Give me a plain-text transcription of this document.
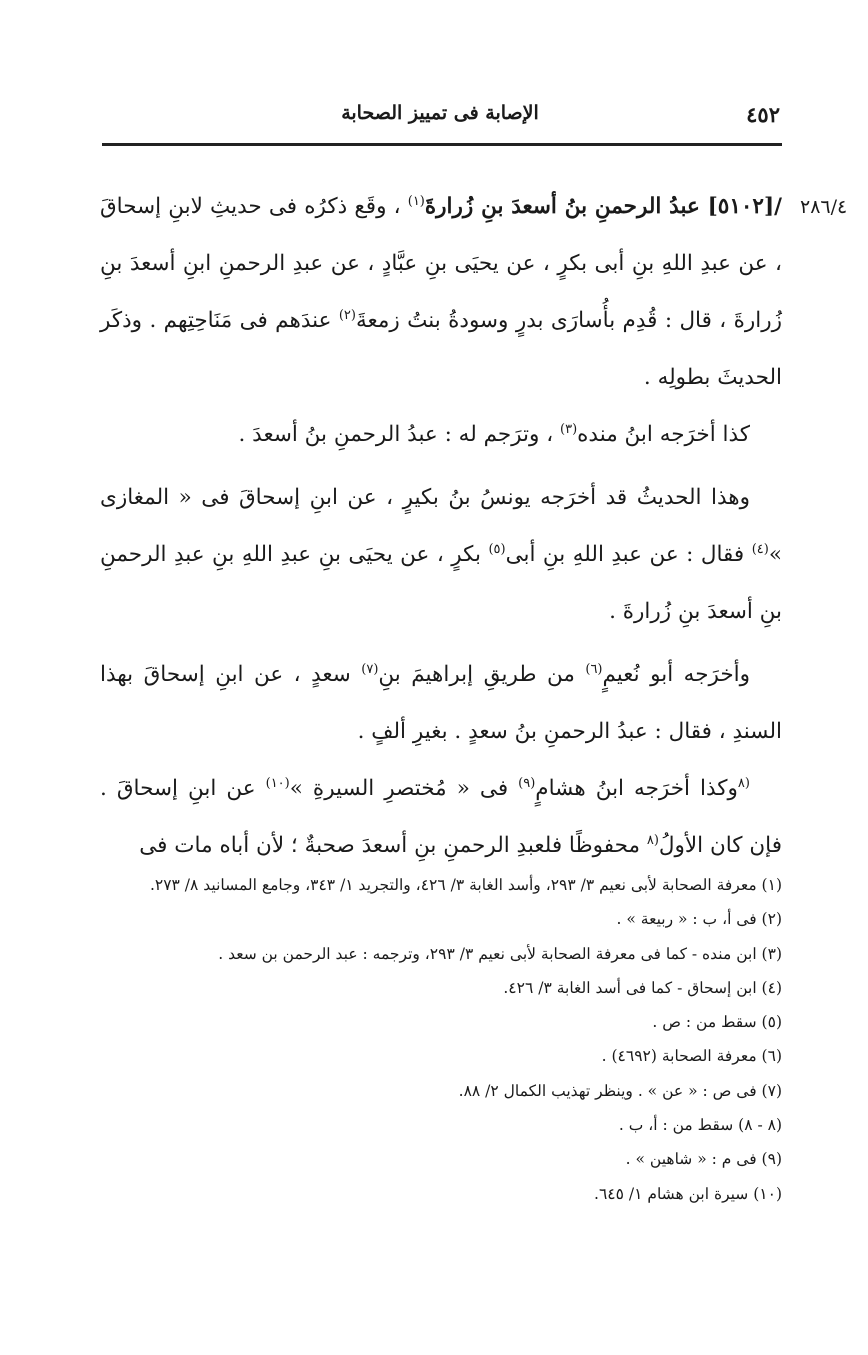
٤٥٢
الإصابة فى تمييز الصحابة
٢٨٦/٤

/[٥١٠٢] عبدُ الرحمنِ بنُ أسعدَ بنِ زُرارةَ$^{(١)}$ ، وقَع ذكرُه فى حديثِ لابنِ إسحاقَ ، عن عبدِ اللهِ بنِ أبى بكرٍ ، عن يحيَى بنِ عبَّادٍ ، عن عبدِ الرحمنِ ابنِ أسعدَ بنِ زُرارةَ ، قال : قُدِم بأُسارَى بدرٍ وسودةُ بنتُ زمعةَ$^{(٢)}$ عندَهم فى مَنَاحِتِهم . وذكَر الحديثَ بطولِه .

كذا أخرَجه ابنُ منده$^{(٣)}$ ، وترَجم له : عبدُ الرحمنِ بنُ أسعدَ .

وهذا الحديثُ قد أخرَجه يونسُ بنُ بكيرٍ ، عن ابنِ إسحاقَ فى « المغازى »$^{(٤)}$ فقال : عن عبدِ اللهِ بنِ أبى$^{(٥)}$ بكرٍ ، عن يحيَى بنِ عبدِ اللهِ بنِ عبدِ الرحمنِ بنِ أسعدَ بنِ زُرارةَ .

وأخرَجه أبو نُعيمٍ$^{(٦)}$ من طريقِ إبراهيمَ بنِ$^{(٧)}$ سعدٍ ، عن ابنِ إسحاقَ بهذا السندِ ، فقال : عبدُ الرحمنِ بنُ سعدٍ . بغيرِ ألفٍ .

$^{(٨}$وكذا أخرَجه ابنُ هشامٍ$^{(٩)}$ فى « مُختصرِ السيرةِ »$^{(١٠)}$ عن ابنِ إسحاقَ . فإن كان الأولُ$^{(٨}$ محفوظًا فلعبدِ الرحمنِ بنِ أسعدَ صحبةٌ ؛ لأن أباه مات فى

(١) معرفة الصحابة لأبى نعيم ٣/ ٢٩٣، وأسد الغابة ٣/ ٤٢٦، والتجريد ١/ ٣٤٣، وجامع المسانيد ٨/ ٢٧٣.

(٢) فى أ، ب : « ربيعة » .

(٣) ابن منده - كما فى معرفة الصحابة لأبى نعيم ٣/ ٢٩٣، وترجمه : عبد الرحمن بن سعد .

(٤) ابن إسحاق - كما فى أسد الغابة ٣/ ٤٢٦.

(٥) سقط من : ص .

(٦) معرفة الصحابة (٤٦٩٢) .

(٧) فى ص : « عن » . وينظر تهذيب الكمال ٢/ ٨٨.

(٨ - ٨) سقط من : أ، ب .

(٩) فى م : « شاهين » .

(١٠) سيرة ابن هشام ١/ ٦٤٥.
